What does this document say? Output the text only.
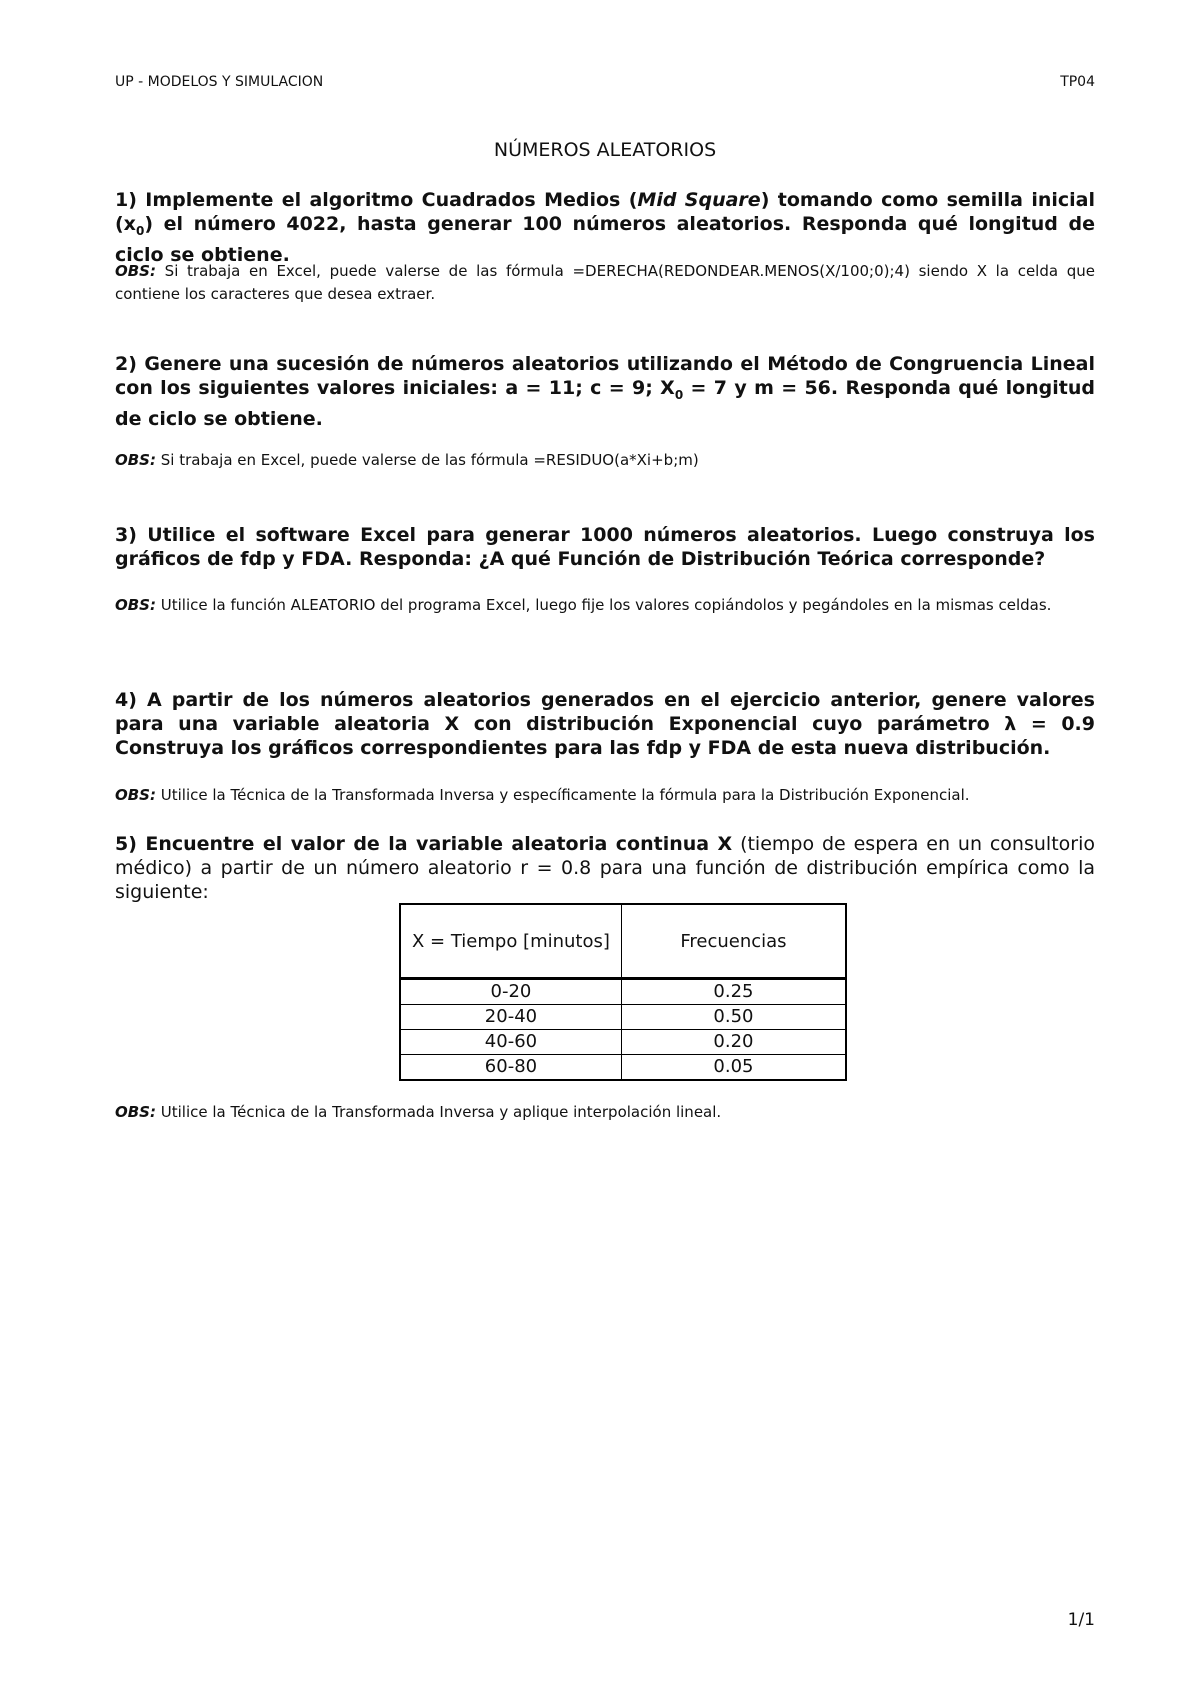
UP - MODELOS Y SIMULACION	TP04
NÚMEROS ALEATORIOS
1) Implemente el algoritmo Cuadrados Medios (Mid Square) tomando como semilla inicial $(x_0)$ el número 4022, hasta generar 100 números aleatorios. Responda qué longitud de ciclo se obtiene.
OBS: Si trabaja en Excel, puede valerse de las fórmula =DERECHA(REDONDEAR.MENOS(X/100;0);4) siendo X la celda que contiene los caracteres que desea extraer.
2) Genere una sucesión de números aleatorios utilizando el Método de Congruencia Lineal con los siguientes valores iniciales: a = 11; c = 9; $X_0 = 7$ y m = 56. Responda qué longitud de ciclo se obtiene.
OBS: Si trabaja en Excel, puede valerse de las fórmula =RESIDUO(a*Xi+b;m)
3) Utilice el software Excel para generar 1000 números aleatorios. Luego construya los gráficos de fdp y FDA. Responda: ¿A qué Función de Distribución Teórica corresponde?
OBS: Utilice la función ALEATORIO del programa Excel, luego fije los valores copiándolos y pegándoles en la mismas celdas.
4) A partir de los números aleatorios generados en el ejercicio anterior, genere valores para una variable aleatoria X con distribución Exponencial cuyo parámetro λ = 0.9 Construya los gráficos correspondientes para las fdp y FDA de esta nueva distribución.
OBS: Utilice la Técnica de la Transformada Inversa y específicamente la fórmula para la Distribución Exponencial.
5) Encuentre el valor de la variable aleatoria continua X (tiempo de espera en un consultorio médico) a partir de un número aleatorio r = 0.8 para una función de distribución empírica como la siguiente:
X = Tiempo [minutos]	Frecuencias
0-20	0.25
20-40	0.50
40-60	0.20
60-80	0.05
OBS: Utilice la Técnica de la Transformada Inversa y aplique interpolación lineal.
1/1
